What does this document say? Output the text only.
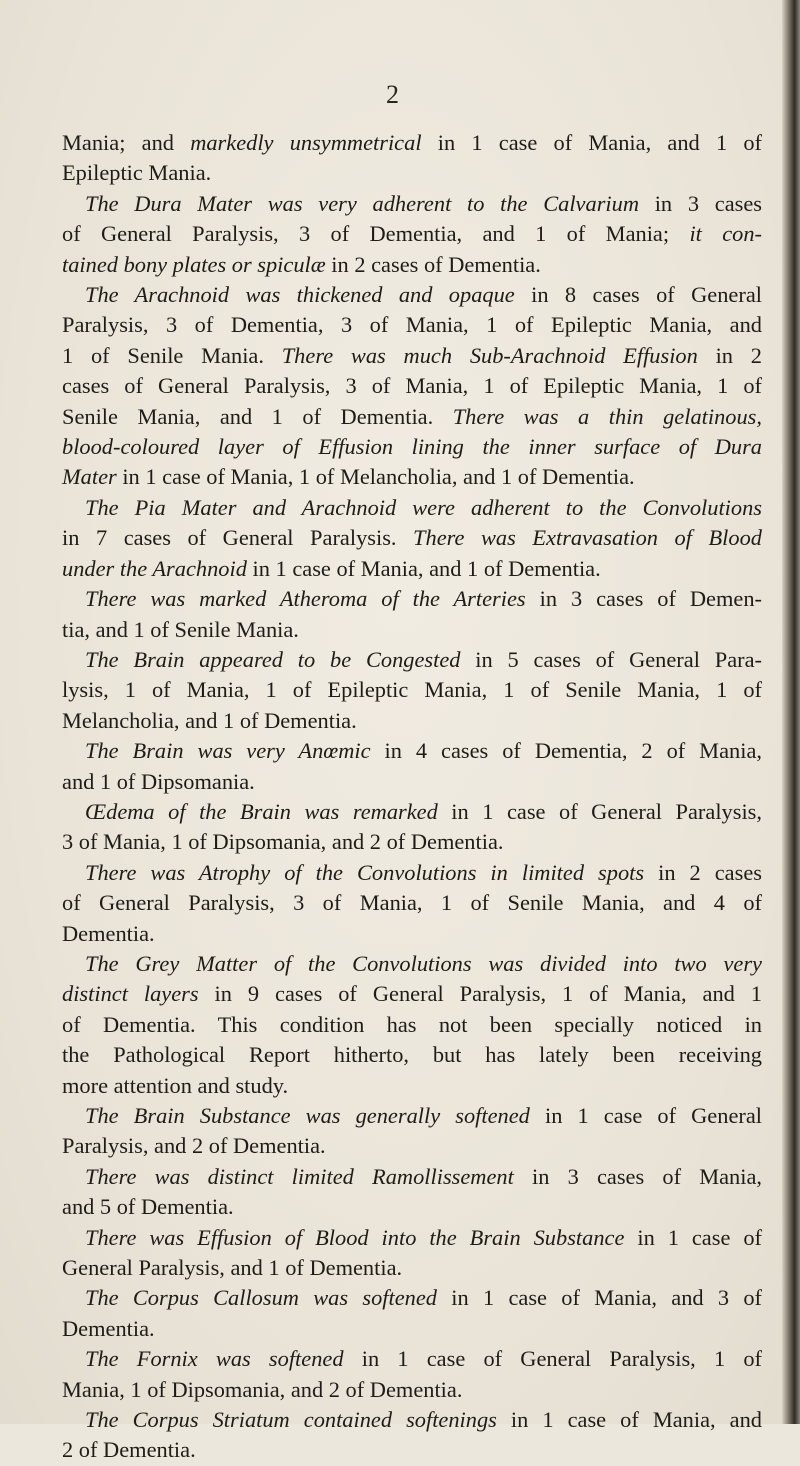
2
Mania; and markedly unsymmetrical in 1 case of Mania, and 1 of
Epileptic Mania.
The Dura Mater was very adherent to the Calvarium in 3 cases
of General Paralysis, 3 of Dementia, and 1 of Mania; it con-
tained bony plates or spiculæ in 2 cases of Dementia.
The Arachnoid was thickened and opaque in 8 cases of General
Paralysis, 3 of Dementia, 3 of Mania, 1 of Epileptic Mania, and
1 of Senile Mania. There was much Sub-Arachnoid Effusion in 2
cases of General Paralysis, 3 of Mania, 1 of Epileptic Mania, 1 of
Senile Mania, and 1 of Dementia. There was a thin gelatinous,
blood-coloured layer of Effusion lining the inner surface of Dura
Mater in 1 case of Mania, 1 of Melancholia, and 1 of Dementia.
The Pia Mater and Arachnoid were adherent to the Convolutions
in 7 cases of General Paralysis. There was Extravasation of Blood
under the Arachnoid in 1 case of Mania, and 1 of Dementia.
There was marked Atheroma of the Arteries in 3 cases of Demen-
tia, and 1 of Senile Mania.
The Brain appeared to be Congested in 5 cases of General Para-
lysis, 1 of Mania, 1 of Epileptic Mania, 1 of Senile Mania, 1 of
Melancholia, and 1 of Dementia.
The Brain was very Anœmic in 4 cases of Dementia, 2 of Mania,
and 1 of Dipsomania.
Œdema of the Brain was remarked in 1 case of General Paralysis,
3 of Mania, 1 of Dipsomania, and 2 of Dementia.
There was Atrophy of the Convolutions in limited spots in 2 cases
of General Paralysis, 3 of Mania, 1 of Senile Mania, and 4 of
Dementia.
The Grey Matter of the Convolutions was divided into two very
distinct layers in 9 cases of General Paralysis, 1 of Mania, and 1
of Dementia. This condition has not been specially noticed in
the Pathological Report hitherto, but has lately been receiving
more attention and study.
The Brain Substance was generally softened in 1 case of General
Paralysis, and 2 of Dementia.
There was distinct limited Ramollissement in 3 cases of Mania,
and 5 of Dementia.
There was Effusion of Blood into the Brain Substance in 1 case of
General Paralysis, and 1 of Dementia.
The Corpus Callosum was softened in 1 case of Mania, and 3 of
Dementia.
The Fornix was softened in 1 case of General Paralysis, 1 of
Mania, 1 of Dipsomania, and 2 of Dementia.
The Corpus Striatum contained softenings in 1 case of Mania, and
2 of Dementia.
